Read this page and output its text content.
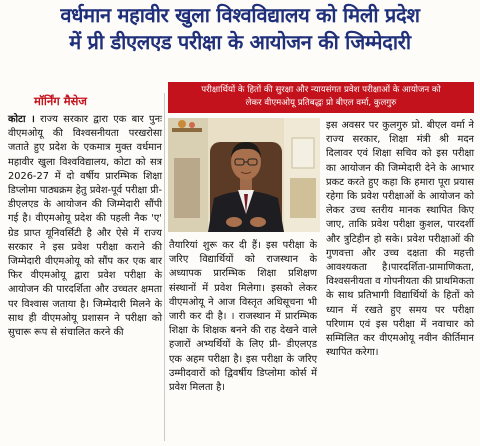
वर्धमान महावीर खुला विश्वविद्यालय को मिली प्रदेश
में प्री डीएलएड परीक्षा के आयोजन की जिम्मेदारी
मॉर्निंग मैसेज
कोटा । राज्य सरकार द्वारा एक बार पुनः वीएमओयू की विश्वसनीयता परखरोसा जताते हुए प्रदेश के एकमात्र मुक्त वर्धमान महावीर खुला विश्वविद्यालय, कोटा को सत्र 2026-27 में दो वर्षीय प्रारम्भिक शिक्षा डिप्लोमा पाठ्यक्रम हेतु प्रवेश-पूर्व परीक्षा प्री-डीएलएड के आयोजन की जिम्मेदारी सौंपी गई है। वीएमओयू प्रदेश की पहली नैक 'ए' ग्रेड प्राप्त यूनिवर्सिटी है और ऐसे में राज्य सरकार ने इस प्रवेश परीक्षा कराने की जिम्मेदारी वीएमओयू को सौंप कर एक बार फिर वीएमओयू द्वारा प्रवेश परीक्षा के आयोजन की पारदर्शिता और उच्चतर क्षमता पर विश्वास जताया है। जिम्मेदारी मिलने के साथ ही वीएमओयू प्रशासन ने परीक्षा को सुचारू रूप से संचालित करने की
परीक्षार्थियों के हितों की सुरक्षा और न्यायसंगत प्रवेश परीक्षाओं के आयोजन को
लेकर वीएमओयू प्रतिबद्धः प्रो बीएल वर्मा, कुलगुरु
तैयारियां शुरू कर दी हैं। इस परीक्षा के जरिए विद्यार्थियों को राजस्थान के अध्यापक प्रारम्भिक शिक्षा प्रशिक्षण संस्थानों में प्रवेश मिलेगा। इसको लेकर वीएमओयू ने आज विस्तृत अधिसूचना भी जारी कर दी है। । राजस्थान में प्रारम्भिक शिक्षा के शिक्षक बनने की राह देखने वाले हजारों अभ्यर्थियों के लिए प्री- डीएलएड एक अहम परीक्षा है। इस परीक्षा के जरिए उम्मीदवारों को द्विवर्षीय डिप्लोमा कोर्स में प्रवेश मिलता है।
इस अवसर पर कुलगुरु प्रो. बीएल वर्मा ने राज्य सरकार, शिक्षा मंत्री श्री मदन दिलावर एवं शिक्षा सचिव को इस परीक्षा का आयोजन की जिम्मेदारी देने के आभार प्रकट करते हुए कहा कि हमारा पूरा प्रयास रहेगा कि प्रवेश परीक्षाओं के आयोजन को लेकर उच्च स्तरीय मानक स्थापित किए जाए, ताकि प्रवेश परीक्षा कुशल, पारदर्शी और त्रुटिहीन हो सके। प्रवेश परीक्षाओं की गुणवत्ता और उच्च दक्षता की महत्ती आवश्यकता है।पारदर्शिता-प्रामाणिकता, विश्वसनीयता व गोपनीयता की प्राथमिकता के साथ प्रतिभागी विद्यार्थियों के हितों को ध्यान में रखते हुए समय पर परीक्षा परिणाम एवं इस परीक्षा में नवाचार को सम्मिलित कर वीएमओयू नवीन कीर्तिमान स्थापित करेगा।
